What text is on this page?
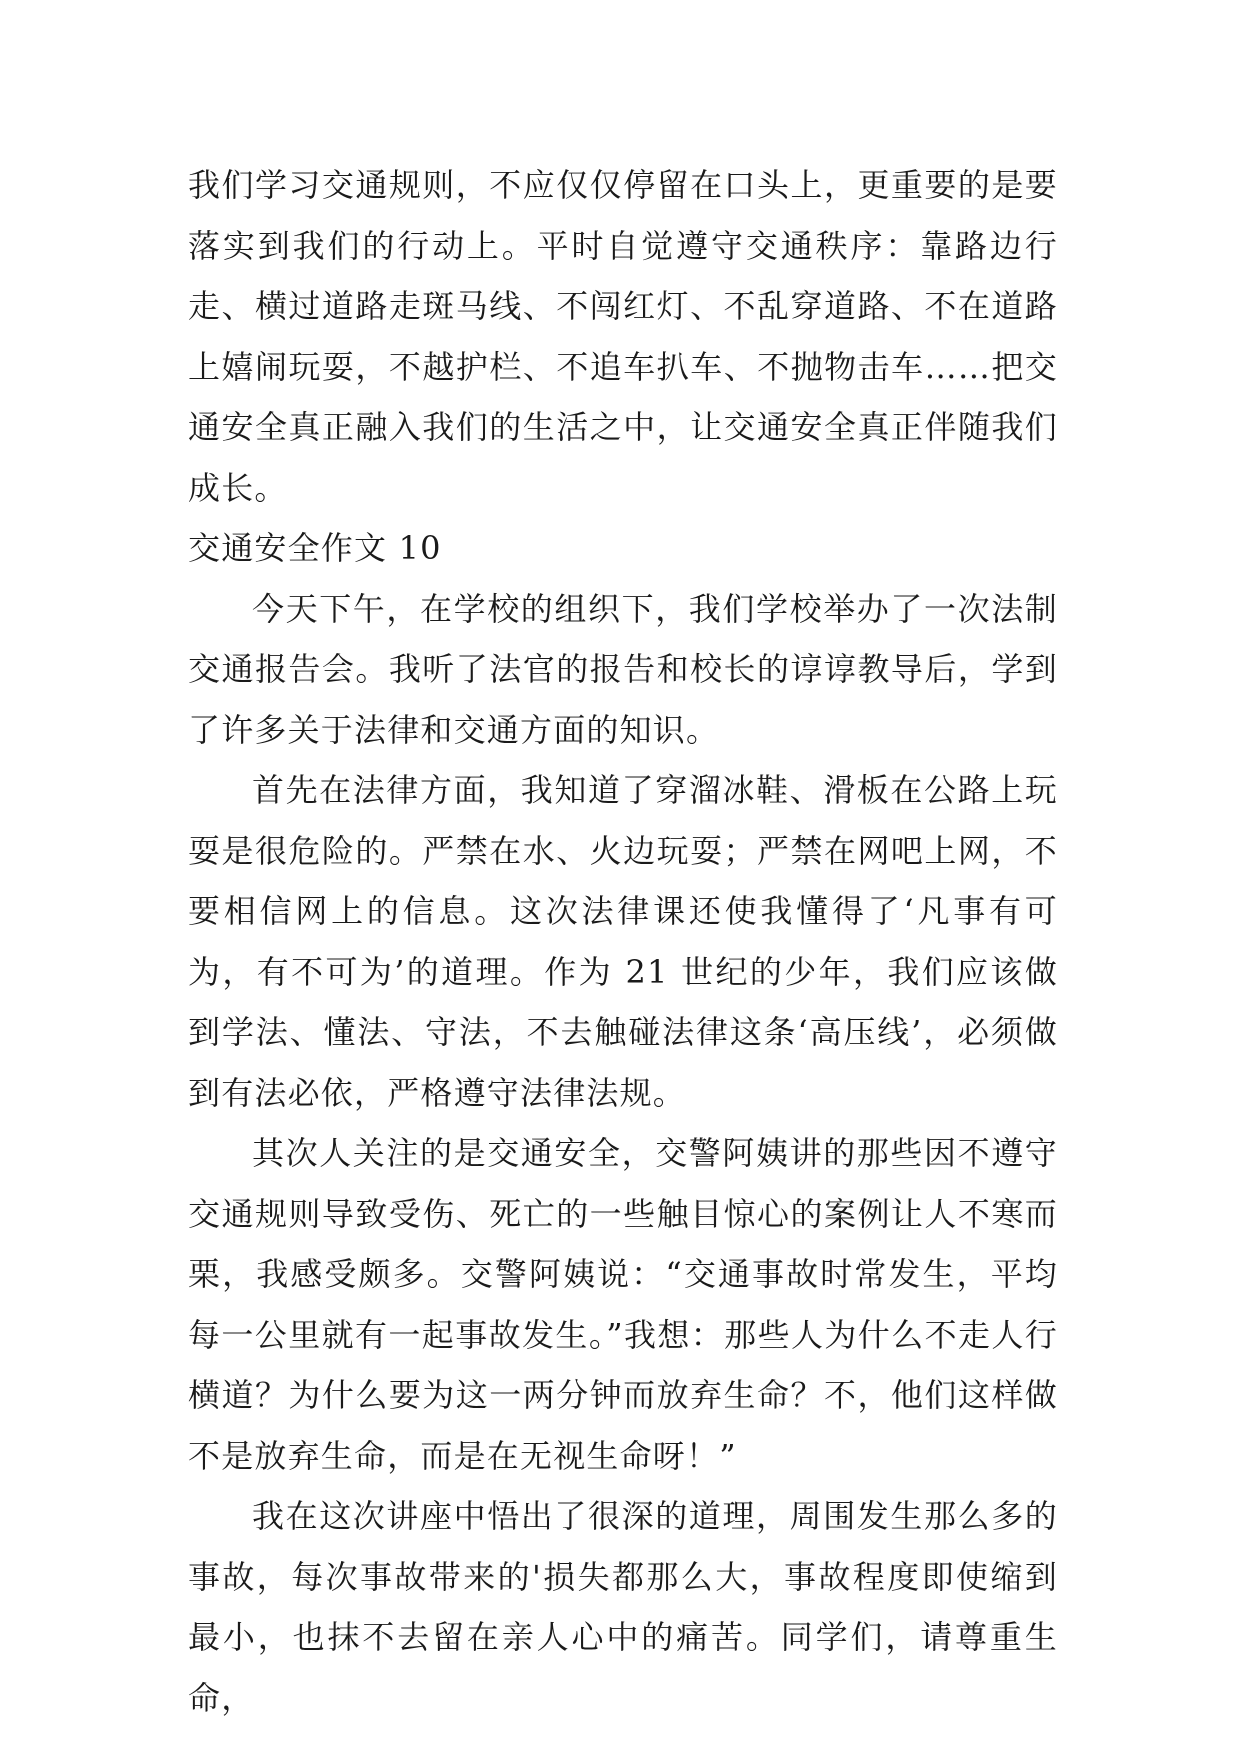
我们学习交通规则，不应仅仅停留在口头上，更重要的是要落实到我们的行动上。平时自觉遵守交通秩序：靠路边行走、横过道路走斑马线、不闯红灯、不乱穿道路、不在道路上嬉闹玩耍，不越护栏、不追车扒车、不抛物击车……把交通安全真正融入我们的生活之中，让交通安全真正伴随我们成长。

交通安全作文 10

今天下午，在学校的组织下，我们学校举办了一次法制交通报告会。我听了法官的报告和校长的谆谆教导后，学到了许多关于法律和交通方面的知识。

首先在法律方面，我知道了穿溜冰鞋、滑板在公路上玩耍是很危险的。严禁在水、火边玩耍；严禁在网吧上网，不要相信网上的信息。这次法律课还使我懂得了‘凡事有可为，有不可为’的道理。作为 21 世纪的少年，我们应该做到学法、懂法、守法，不去触碰法律这条‘高压线’，必须做到有法必依，严格遵守法律法规。

其次人关注的是交通安全，交警阿姨讲的那些因不遵守交通规则导致受伤、死亡的一些触目惊心的案例让人不寒而栗，我感受颇多。交警阿姨说：“交通事故时常发生，平均每一公里就有一起事故发生。”我想：那些人为什么不走人行横道？为什么要为这一两分钟而放弃生命？不，他们这样做不是放弃生命，而是在无视生命呀！”

我在这次讲座中悟出了很深的道理，周围发生那么多的事故，每次事故带来的'损失都那么大，事故程度即使缩到最小，也抹不去留在亲人心中的痛苦。同学们，请尊重生命，
